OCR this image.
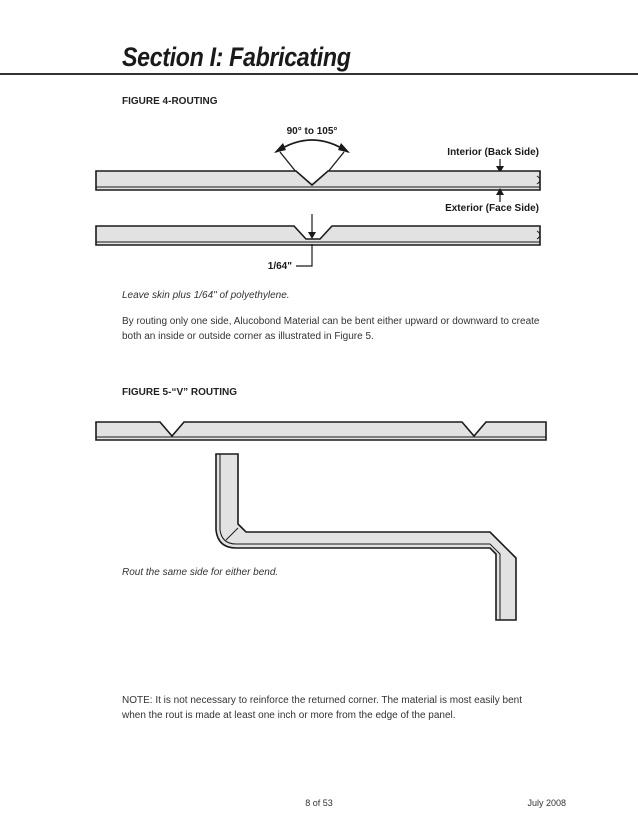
Section I: Fabricating
FIGURE 4-ROUTING
90° to 105°
Interior (Back Side)
Exterior (Face Side)
1/64"
Leave skin plus 1/64" of polyethylene.

By routing only one side, Alucobond Material can be bent either upward or downward to create both an inside or outside corner as illustrated in Figure 5.

FIGURE 5-“V” ROUTING
Rout the same side for either bend.

NOTE: It is not necessary to reinforce the returned corner. The material is most easily bent when the rout is made at least one inch or more from the edge of the panel.

8 of 53	July 2008
